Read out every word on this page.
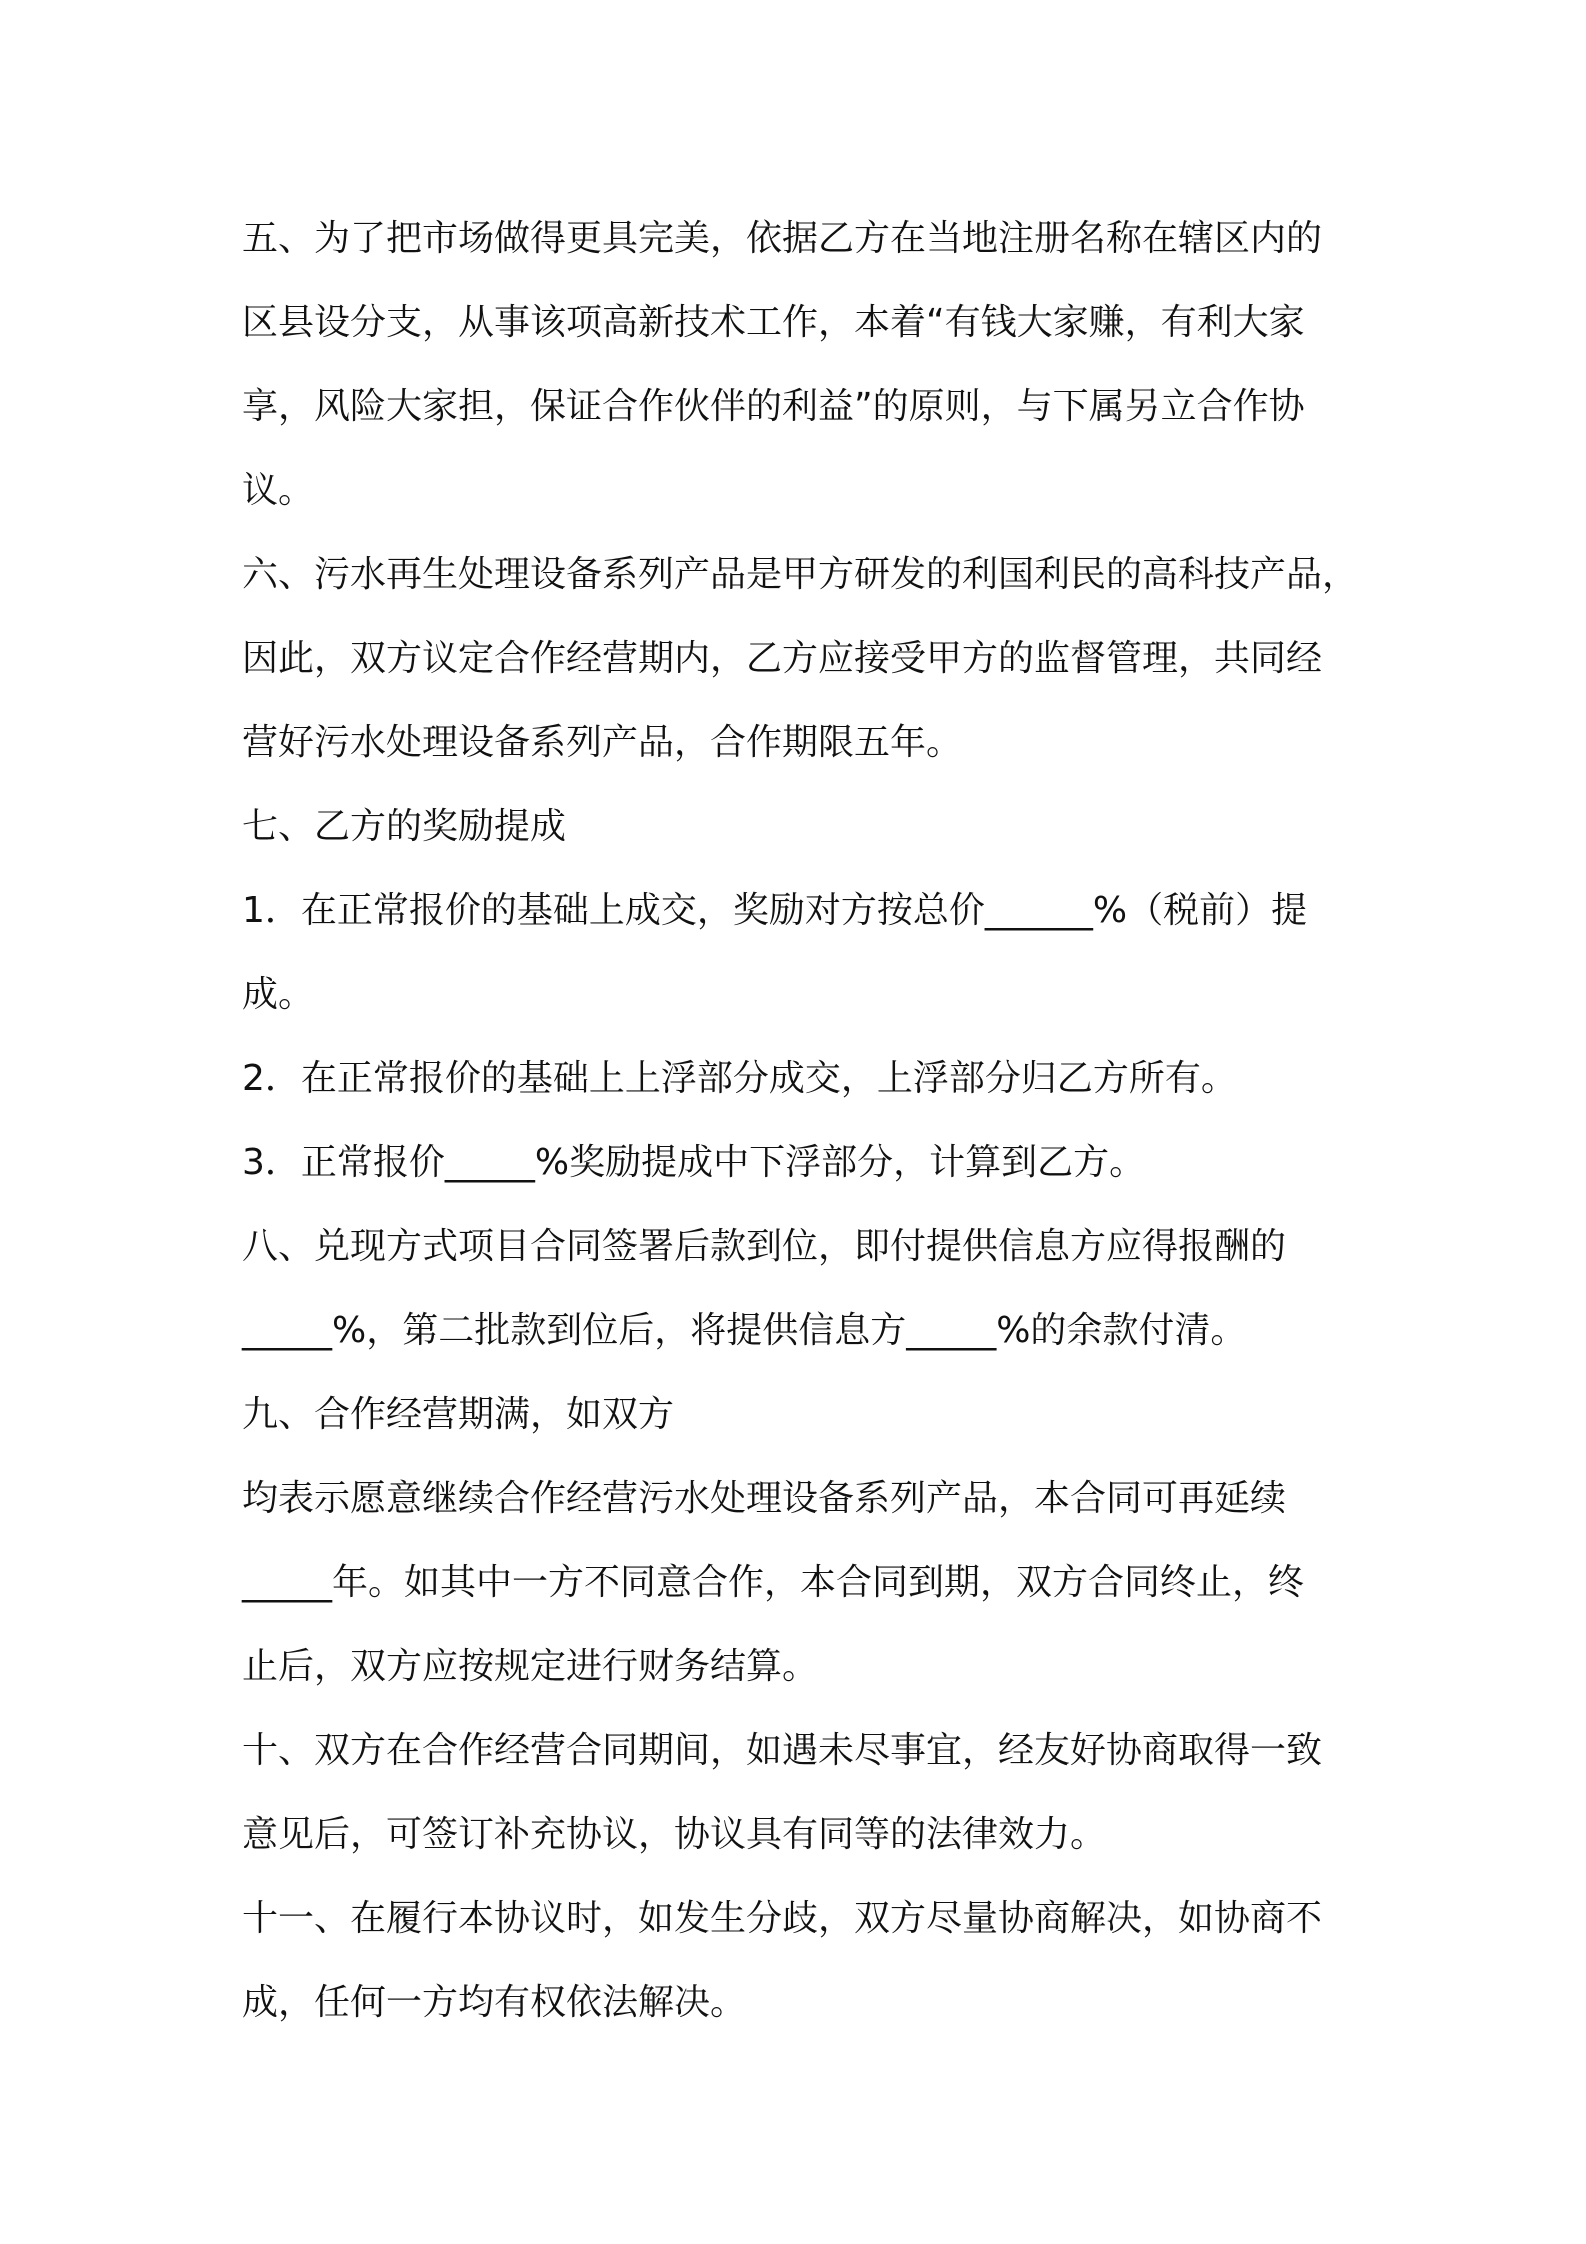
五、为了把市场做得更具完美，依据乙方在当地注册名称在辖区内的

区县设分支，从事该项高新技术工作，本着“有钱大家赚，有利大家

享，风险大家担，保证合作伙伴的利益”的原则，与下属另立合作协

议。

六、污水再生处理设备系列产品是甲方研发的利国利民的高科技产品，

因此，双方议定合作经营期内，乙方应接受甲方的监督管理，共同经

营好污水处理设备系列产品，合作期限五年。

七、乙方的奖励提成

1．在正常报价的基础上成交，奖励对方按总价______%（税前）提

成。

2．在正常报价的基础上上浮部分成交，上浮部分归乙方所有。

3．正常报价_____%奖励提成中下浮部分，计算到乙方。

八、兑现方式项目合同签署后款到位，即付提供信息方应得报酬的

_____%，第二批款到位后，将提供信息方_____%的余款付清。

九、合作经营期满，如双方

均表示愿意继续合作经营污水处理设备系列产品，本合同可再延续

_____年。如其中一方不同意合作，本合同到期，双方合同终止，终

止后，双方应按规定进行财务结算。

十、双方在合作经营合同期间，如遇未尽事宜，经友好协商取得一致

意见后，可签订补充协议，协议具有同等的法律效力。

十一、在履行本协议时，如发生分歧，双方尽量协商解决，如协商不

成，任何一方均有权依法解决。
